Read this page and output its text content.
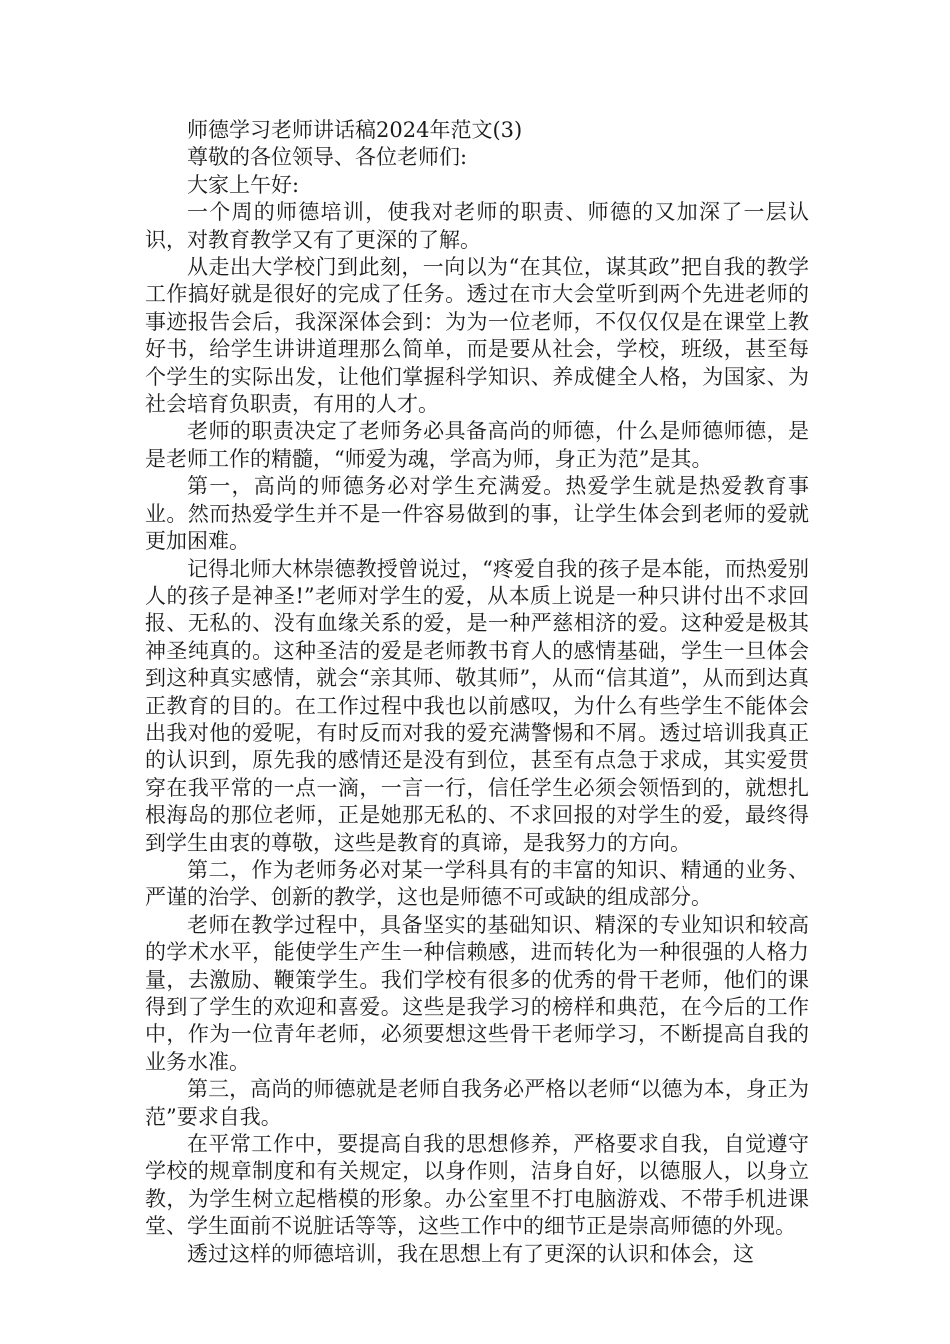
师德学习老师讲话稿2024年范文(3)

尊敬的各位领导、各位老师们:

大家上午好:

一个周的师德培训，使我对老师的职责、师德的又加深了一层认识，对教育教学又有了更深的了解。

从走出大学校门到此刻，一向以为“在其位，谋其政”把自我的教学工作搞好就是很好的完成了任务。透过在市大会堂听到两个先进老师的事迹报告会后，我深深体会到：为为一位老师，不仅仅仅是在课堂上教好书，给学生讲讲道理那么简单，而是要从社会，学校，班级，甚至每个学生的实际出发，让他们掌握科学知识、养成健全人格，为国家、为社会培育负职责，有用的人才。

老师的职责决定了老师务必具备高尚的师德，什么是师德师德，是是老师工作的精髓，“师爱为魂，学高为师，身正为范”是其。

第一，高尚的师德务必对学生充满爱。热爱学生就是热爱教育事业。然而热爱学生并不是一件容易做到的事，让学生体会到老师的爱就更加困难。

记得北师大林崇德教授曾说过，“疼爱自我的孩子是本能，而热爱别人的孩子是神圣!”老师对学生的爱，从本质上说是一种只讲付出不求回报、无私的、没有血缘关系的爱，是一种严慈相济的爱。这种爱是极其神圣纯真的。这种圣洁的爱是老师教书育人的感情基础，学生一旦体会到这种真实感情，就会“亲其师、敬其师”，从而“信其道”，从而到达真正教育的目的。在工作过程中我也以前感叹，为什么有些学生不能体会出我对他的爱呢，有时反而对我的爱充满警惕和不屑。透过培训我真正的认识到，原先我的感情还是没有到位，甚至有点急于求成，其实爱贯穿在我平常的一点一滴，一言一行，信任学生必须会领悟到的，就想扎根海岛的那位老师，正是她那无私的、不求回报的对学生的爱，最终得到学生由衷的尊敬，这些是教育的真谛，是我努力的方向。

第二，作为老师务必对某一学科具有的丰富的知识、精通的业务、严谨的治学、创新的教学，这也是师德不可或缺的组成部分。

老师在教学过程中，具备坚实的基础知识、精深的专业知识和较高的学术水平，能使学生产生一种信赖感，进而转化为一种很强的人格力量，去激励、鞭策学生。我们学校有很多的优秀的骨干老师，他们的课得到了学生的欢迎和喜爱。这些是我学习的榜样和典范，在今后的工作中，作为一位青年老师，必须要想这些骨干老师学习，不断提高自我的业务水准。

第三，高尚的师德就是老师自我务必严格以老师“以德为本，身正为范”要求自我。

在平常工作中，要提高自我的思想修养，严格要求自我，自觉遵守学校的规章制度和有关规定，以身作则，洁身自好，以德服人，以身立教，为学生树立起楷模的形象。办公室里不打电脑游戏、不带手机进课堂、学生面前不说脏话等等，这些工作中的细节正是崇高师德的外现。

透过这样的师德培训，我在思想上有了更深的认识和体会，这
